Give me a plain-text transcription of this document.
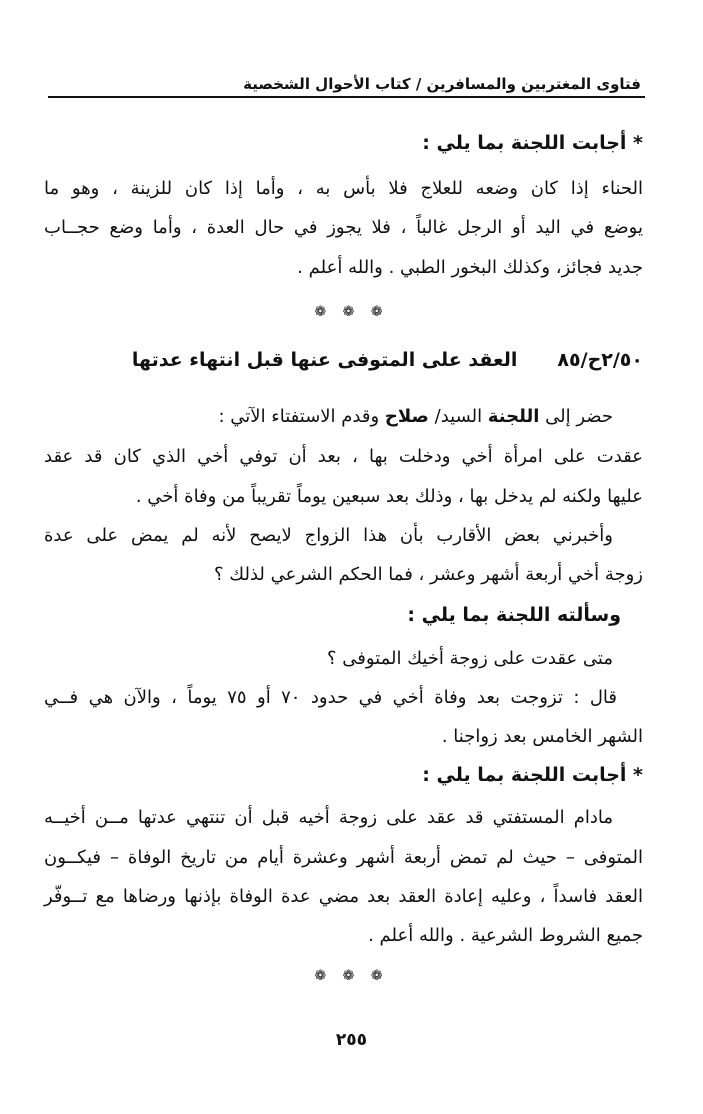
فتاوى المغتربين والمسافرين / كتاب الأحوال الشخصية
* أجابت اللجنة بما يلي :
الحناء إذا كان وضعه للعلاج فلا بأس به ، وأما إذا كان للزينة ، وهو ما
يوضع في اليد أو الرجل غالباً ، فلا يجوز في حال العدة ، وأما وضع حجــاب
جديد فجائز، وكذلك البخور الطبي . والله أعلم .
❁ ❁ ❁
٢/٥٠ح/٨٥العقد على المتوفى عنها قبل انتهاء عدتها
حضر إلى اللجنة السيد/ صلاح وقدم الاستفتاء الآتي :
عقدت على امرأة أخي ودخلت بها ، بعد أن توفي أخي الذي كان قد عقد
عليها ولكنه لم يدخل بها ، وذلك بعد سبعين يوماً تقريباً من وفاة أخي .
وأخبرني بعض الأقارب بأن هذا الزواج لايصح لأنه لم يمض على عدة
زوجة أخي أربعة أشهر وعشر ، فما الحكم الشرعي لذلك ؟
وسألته اللجنة بما يلي :
متى عقدت على زوجة أخيك المتوفى ؟
قال : تزوجت بعد وفاة أخي في حدود ٧٠ أو ٧٥ يوماً ، والآن هي فــي
الشهر الخامس بعد زواجنا .
* أجابت اللجنة بما يلي :
مادام المستفتي قد عقد على زوجة أخيه قبل أن تنتهي عدتها مــن أخيــه
المتوفى – حيث لم تمض أربعة أشهر وعشرة أيام من تاريخ الوفاة – فيكــون
العقد فاسداً ، وعليه إعادة العقد بعد مضي عدة الوفاة بإذنها ورضاها مع تــوفّر
جميع الشروط الشرعية . والله أعلم .
❁ ❁ ❁
٢٥٥
